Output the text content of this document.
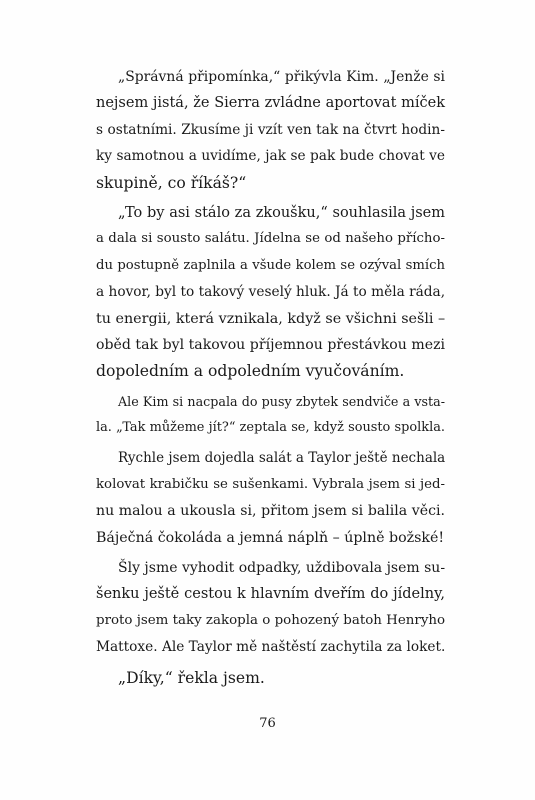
„Správná připomínka,“ přikývla Kim. „Jenže si
nejsem jistá, že Sierra zvládne aportovat míček
s ostatními. Zkusíme ji vzít ven tak na čtvrt hodin-
ky samotnou a uvidíme, jak se pak bude chovat ve
skupině, co říkáš?“
„To by asi stálo za zkoušku,“ souhlasila jsem
a dala si sousto salátu. Jídelna se od našeho přícho-
du postupně zaplnila a všude kolem se ozýval smích
a hovor, byl to takový veselý hluk. Já to měla ráda,
tu energii, která vznikala, když se všichni sešli –
oběd tak byl takovou příjemnou přestávkou mezi
dopoledním a odpoledním vyučováním.
Ale Kim si nacpala do pusy zbytek sendviče a vsta-
la. „Tak můžeme jít?“ zeptala se, když sousto spolkla.
Rychle jsem dojedla salát a Taylor ještě nechala
kolovat krabičku se sušenkami. Vybrala jsem si jed-
nu malou a ukousla si, přitom jsem si balila věci.
Báječná čokoláda a jemná náplň – úplně božské!
Šly jsme vyhodit odpadky, uždibovala jsem su-
šenku ještě cestou k hlavním dveřím do jídelny,
proto jsem taky zakopla o pohozený batoh Henryho
Mattoxe. Ale Taylor mě naštěstí zachytila za loket.
„Díky,“ řekla jsem.
76
